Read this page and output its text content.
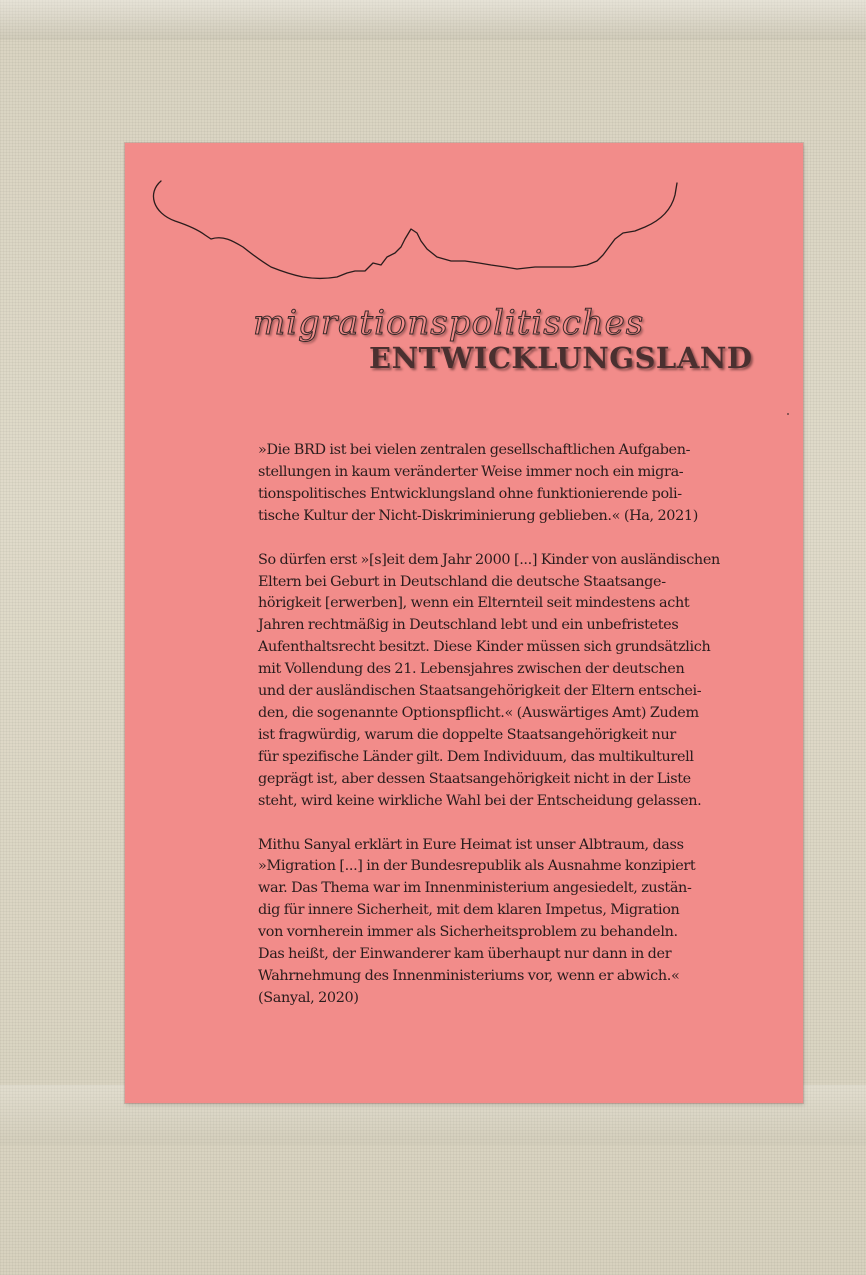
migrationspolitisches
ENTWICKLUNGSLAND

»Die BRD ist bei vielen zentralen gesellschaftlichen Aufgaben-
stellungen in kaum veränderter Weise immer noch ein migra-
tionspolitisches Entwicklungsland ohne funktionierende poli-
tische Kultur der Nicht-Diskriminierung geblieben.« (Ha, 2021)

So dürfen erst »[s]eit dem Jahr 2000 [...] Kinder von ausländischen
Eltern bei Geburt in Deutschland die deutsche Staatsange-
hörigkeit [erwerben], wenn ein Elternteil seit mindestens acht
Jahren rechtmäßig in Deutschland lebt und ein unbefristetes
Aufenthaltsrecht besitzt. Diese Kinder müssen sich grundsätzlich
mit Vollendung des 21. Lebensjahres zwischen der deutschen
und der ausländischen Staatsangehörigkeit der Eltern entschei-
den, die sogenannte Optionspflicht.« (Auswärtiges Amt) Zudem
ist fragwürdig, warum die doppelte Staatsangehörigkeit nur
für spezifische Länder gilt. Dem Individuum, das multikulturell
geprägt ist, aber dessen Staatsangehörigkeit nicht in der Liste
steht, wird keine wirkliche Wahl bei der Entscheidung gelassen.

Mithu Sanyal erklärt in Eure Heimat ist unser Albtraum, dass
»Migration [...] in der Bundesrepublik als Ausnahme konzipiert
war. Das Thema war im Innenministerium angesiedelt, zustän-
dig für innere Sicherheit, mit dem klaren Impetus, Migration
von vornherein immer als Sicherheitsproblem zu behandeln.
Das heißt, der Einwanderer kam überhaupt nur dann in der
Wahrnehmung des Innenministeriums vor, wenn er abwich.«
(Sanyal, 2020)
